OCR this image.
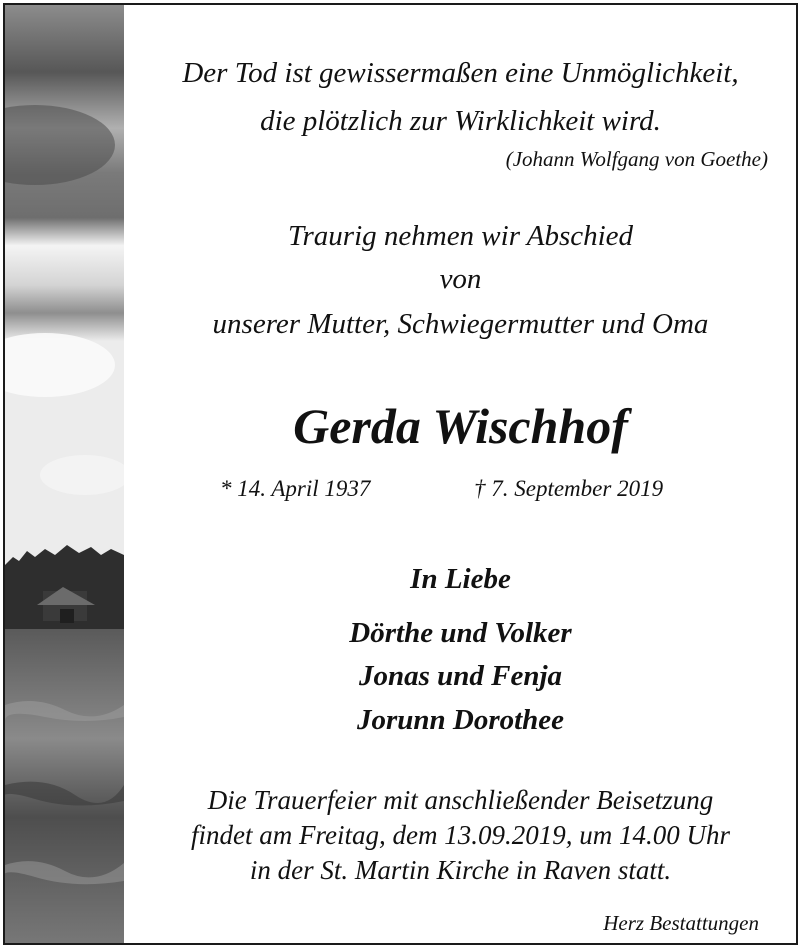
Der Tod ist gewissermaßen eine Unmöglichkeit,
die plötzlich zur Wirklichkeit wird.
(Johann Wolfgang von Goethe)
Traurig nehmen wir Abschied
von
unserer Mutter, Schwiegermutter und Oma
Gerda Wischhof
* 14. April 1937	† 7. September 2019
In Liebe
Dörthe und Volker
Jonas und Fenja
Jorunn Dorothee
Die Trauerfeier mit anschließender Beisetzung
findet am Freitag, dem 13.09.2019, um 14.00 Uhr
in der St. Martin Kirche in Raven statt.
Herz Bestattungen
